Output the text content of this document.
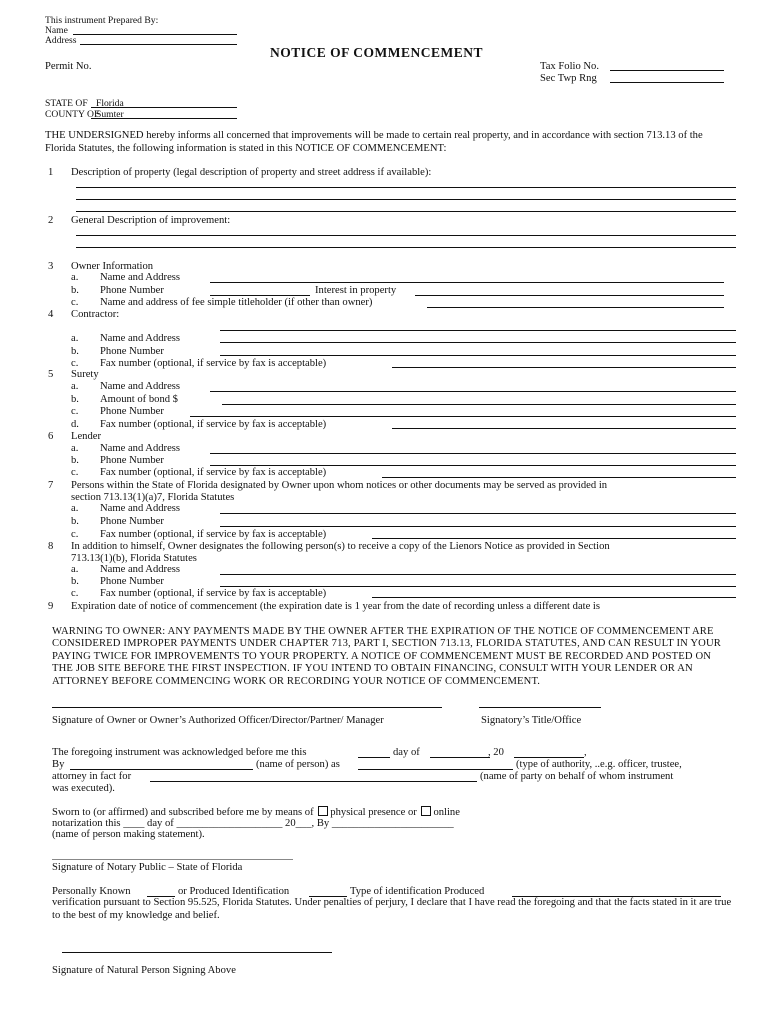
This instrument Prepared By:
Name
Address
NOTICE OF COMMENCEMENT
Permit No.	Tax Folio No.
Sec Twp Rng
STATE OF Florida
COUNTY OF
Sumter
THE UNDERSIGNED hereby informs all concerned that improvements will be made to certain real property, and in accordance with section 713.13 of the Florida Statutes, the following information is stated in this NOTICE OF COMMENCEMENT:
1 Description of property (legal description of property and street address if available):
2 General Description of improvement:
3 Owner Information
a. Name and Address
b. Phone Number	Interest in property
c. Name and address of fee simple titleholder (if other than owner)
4 Contractor:
a. Name and Address
b. Phone Number
c. Fax number (optional, if service by fax is acceptable)
5 Surety
a. Name and Address
b. Amount of bond $
c. Phone Number
d. Fax number (optional, if service by fax is acceptable)
6 Lender
a. Name and Address
b. Phone Number
c. Fax number (optional, if service by fax is acceptable)
7 Persons within the State of Florida designated by Owner upon whom notices or other documents may be served as provided in
section 713.13(1)(a)7, Florida Statutes
a. Name and Address
b. Phone Number
c. Fax number (optional, if service by fax is acceptable)
8 In addition to himself, Owner designates the following person(s) to receive a copy of the Lienors Notice as provided in Section
713.13(1)(b), Florida Statutes
a. Name and Address
b. Phone Number
c. Fax number (optional, if service by fax is acceptable)
9 Expiration date of notice of commencement (the expiration date is 1 year from the date of recording unless a different date is
WARNING TO OWNER: ANY PAYMENTS MADE BY THE OWNER AFTER THE EXPIRATION OF THE NOTICE OF COMMENCEMENT ARE CONSIDERED IMPROPER PAYMENTS UNDER CHAPTER 713, PART I, SECTION 713.13, FLORIDA STATUTES, AND CAN RESULT IN YOUR PAYING TWICE FOR IMPROVEMENTS TO YOUR PROPERTY. A NOTICE OF COMMENCEMENT MUST BE RECORDED AND POSTED ON THE JOB SITE BEFORE THE FIRST INSPECTION. IF YOU INTEND TO OBTAIN FINANCING, CONSULT WITH YOUR LENDER OR AN ATTORNEY BEFORE COMMENCING WORK OR RECORDING YOUR NOTICE OF COMMENCEMENT.
Signature of Owner or Owner’s Authorized Officer/Director/Partner/ Manager	Signatory’s Title/Office
The foregoing instrument was acknowledged before me this	day of	, 20	,
By	(name of person) as	(type of authority, ..e.g. officer, trustee,
attorney in fact for	(name of party on behalf of whom instrument
was executed).
Sworn to (or affirmed) and subscribed before me by means of physical presence or online
notarization this ____ day of ____________________ 20___, By _______________________
(name of person making statement).
Signature of Notary Public – State of Florida
Personally Known	or Produced Identification	Type of identification Produced
verification pursuant to Section 95.525, Florida Statutes. Under penalties of perjury, I declare that I have read the foregoing and that the facts stated in it are true to the best of my knowledge and belief.
Signature of Natural Person Signing Above
